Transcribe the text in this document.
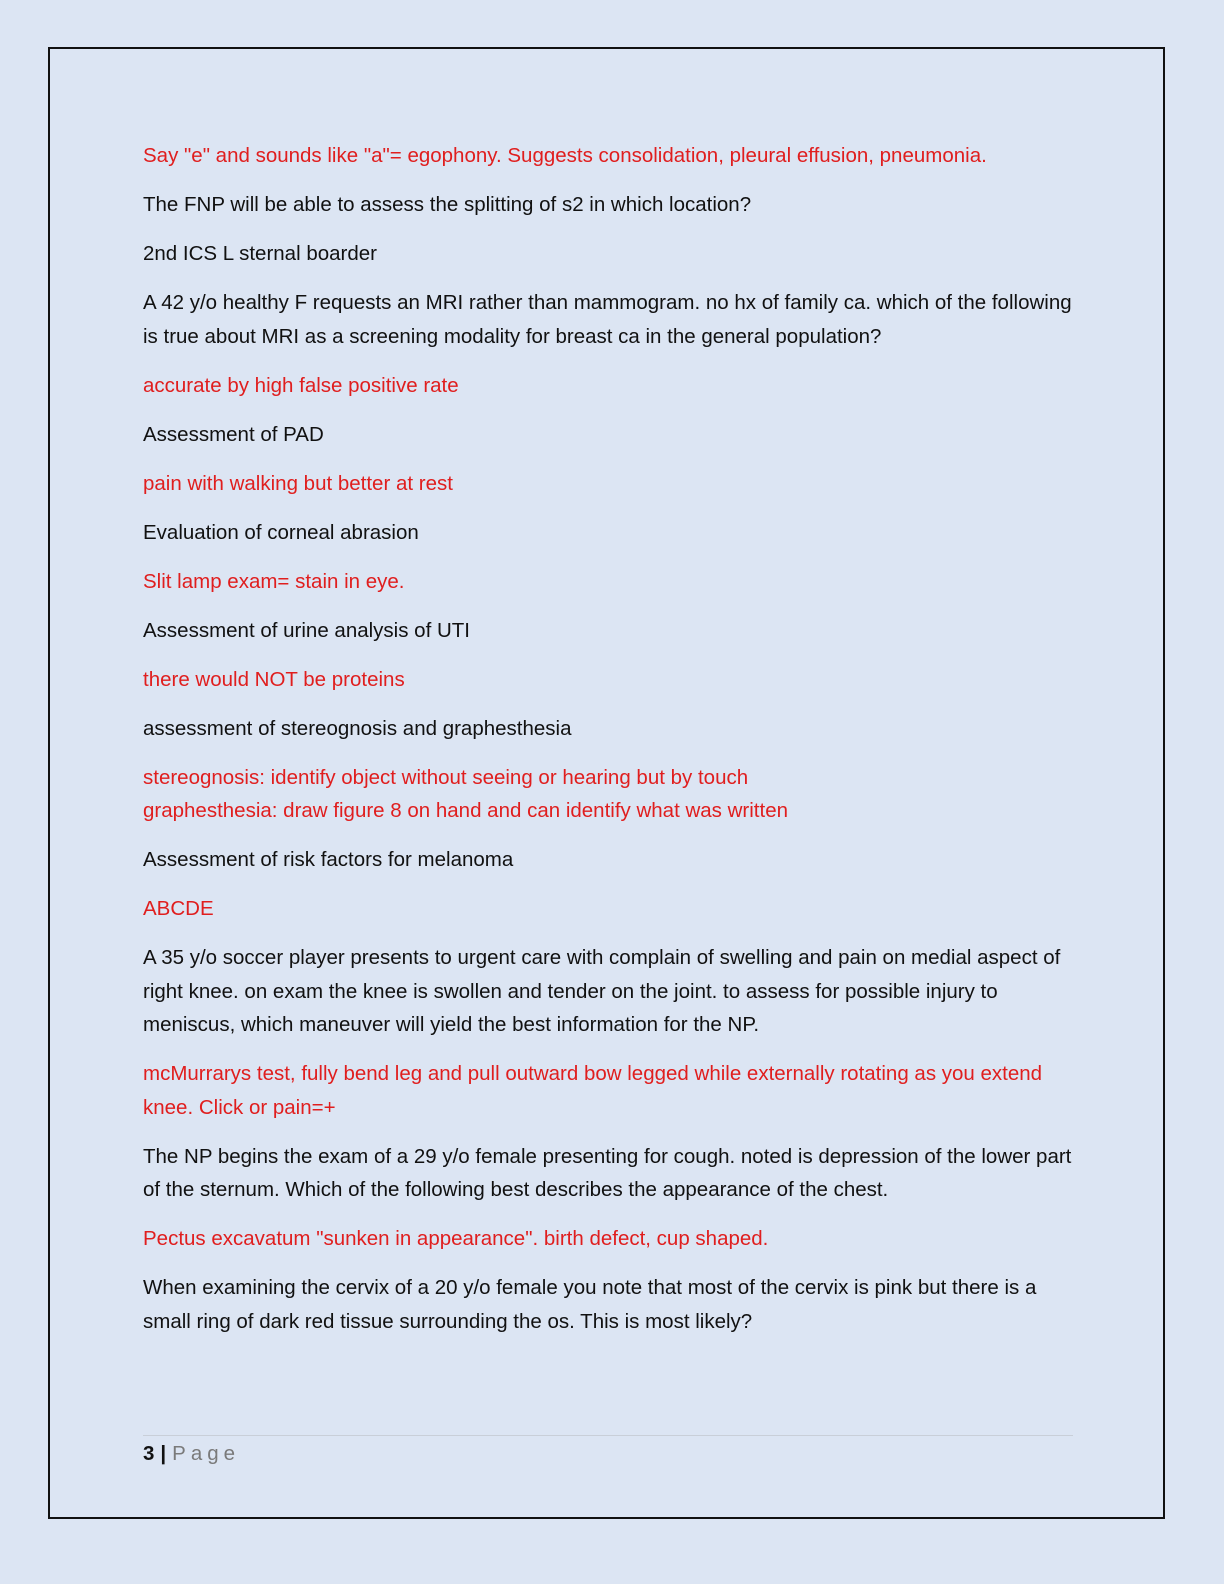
Say "e" and sounds like "a"= egophony. Suggests consolidation, pleural effusion, pneumonia.

The FNP will be able to assess the splitting of s2 in which location?

2nd ICS L sternal boarder

A 42 y/o healthy F requests an MRI rather than mammogram. no hx of family ca. which of the following is true about MRI as a screening modality for breast ca in the general population?

accurate by high false positive rate

Assessment of PAD

pain with walking but better at rest

Evaluation of corneal abrasion

Slit lamp exam= stain in eye.

Assessment of urine analysis of UTI

there would NOT be proteins

assessment of stereognosis and graphesthesia

stereognosis: identify object without seeing or hearing but by touch
graphesthesia: draw figure 8 on hand and can identify what was written

Assessment of risk factors for melanoma

ABCDE

A 35 y/o soccer player presents to urgent care with complain of swelling and pain on medial aspect of right knee. on exam the knee is swollen and tender on the joint. to assess for possible injury to meniscus, which maneuver will yield the best information for the NP.

mcMurrarys test, fully bend leg and pull outward bow legged while externally rotating as you extend knee. Click or pain=+

The NP begins the exam of a 29 y/o female presenting for cough. noted is depression of the lower part of the sternum. Which of the following best describes the appearance of the chest.

Pectus excavatum "sunken in appearance". birth defect, cup shaped.

When examining the cervix of a 20 y/o female you note that most of the cervix is pink but there is a small ring of dark red tissue surrounding the os. This is most likely?

3 | Page
